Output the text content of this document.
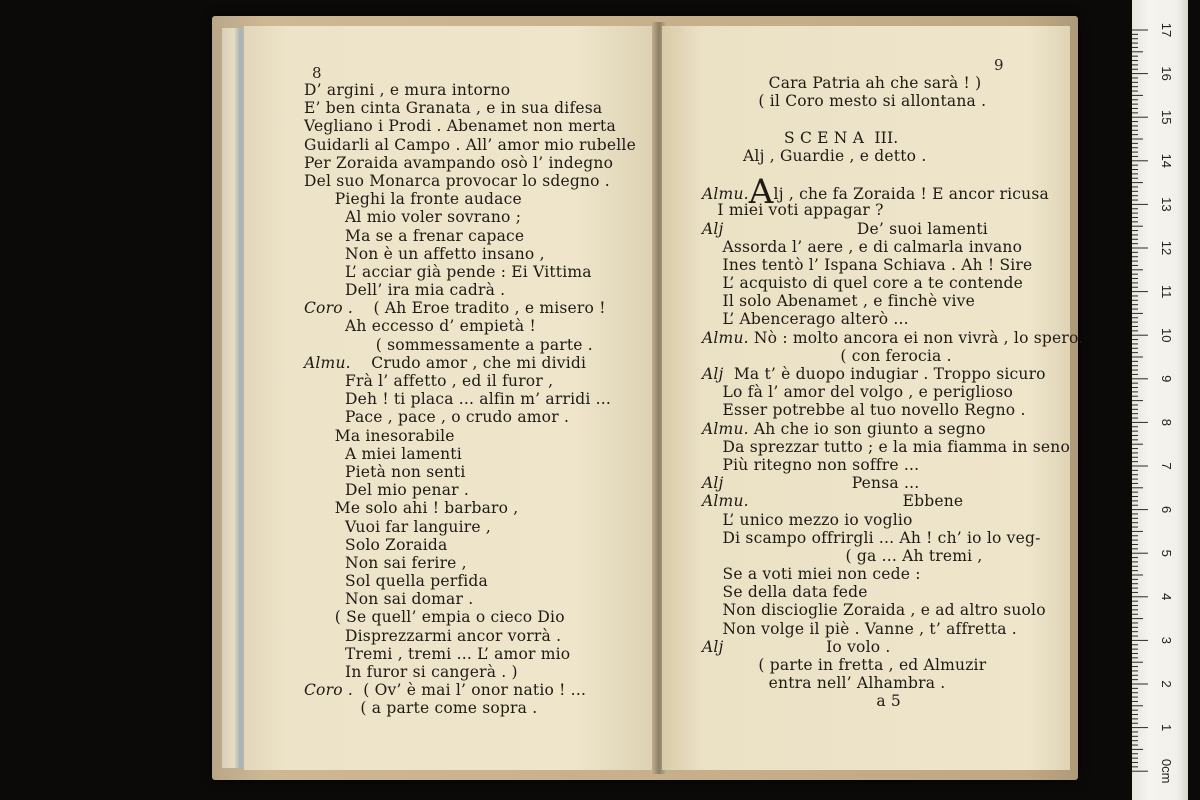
8
D’ argini , e mura intorno
E’ ben cinta Granata , e in sua difesa
Vegliano i Prodi . Abenamet non merta
Guidarli al Campo . All’ amor mio rubelle
Per Zoraida avampando osò l’ indegno
Del suo Monarca provocar lo sdegno .
Pieghi la fronte audace
Al mio voler sovrano ;
Ma se a frenar capace
Non è un affetto insano ,
L’ acciar già pende : Ei Vittima
Dell’ ira mia cadrà .
Coro .    ( Ah Eroe tradito , e misero !
Ah eccesso d’ empietà !
( sommessamente a parte .
Almu.    Crudo amor , che mi dividi
Frà l’ affetto , ed il furor ,
Deh ! ti placa ... alfin m’ arridi ...
Pace , pace , o crudo amor .
Ma inesorabile
A miei lamenti
Pietà non senti
Del mio penar .
Me solo ahi ! barbaro ,
Vuoi far languire ,
Solo Zoraida
Non sai ferire ,
Sol quella perfida
Non sai domar .
( Se quell’ empia o cieco Dio
Disprezzarmi ancor vorrà .
Tremi , tremi ... L’ amor mio
In furor si cangerà . )
Coro .  ( Ov’ è mai l’ onor natio ! ...
( a parte come sopra .
9
Cara Patria ah che sarà ! )
( il Coro mesto si allontana .
S C E N A  III.
Alj , Guardie , e detto .
Almu.Alj , che fa Zoraida ! E ancor ricusa
I miei voti appagar ?
Alj                          De’ suoi lamenti
Assorda l’ aere , e di calmarla invano
Ines tentò l’ Ispana Schiava . Ah ! Sire
L’ acquisto di quel core a te contende
Il solo Abenamet , e finchè vive
L’ Abencerago alterò ...
Almu. Nò : molto ancora ei non vivrà , lo spero.
( con ferocia .
Alj  Ma t’ è duopo indugiar . Troppo sicuro
Lo fà l’ amor del volgo , e periglioso
Esser potrebbe al tuo novello Regno .
Almu. Ah che io son giunto a segno
Da sprezzar tutto ; e la mia fiamma in seno
Più ritegno non soffre ...
Alj                         Pensa ...
Almu.                              Ebbene
L’ unico mezzo io voglio
Di scampo offrirgli ... Ah ! ch’ io lo veg-
( ga ... Ah tremi ,
Se a voti miei non cede :
Se della data fede
Non discioglie Zoraida , e ad altro suolo
Non volge il piè . Vanne , t’ affretta .
Alj                    Io volo .
( parte in fretta , ed Almuzir
entra nell’ Alhambra .
a 5
17
16
15
14
13
12
11
10
9
8
7
6
5
4
3
2
1
0cm
